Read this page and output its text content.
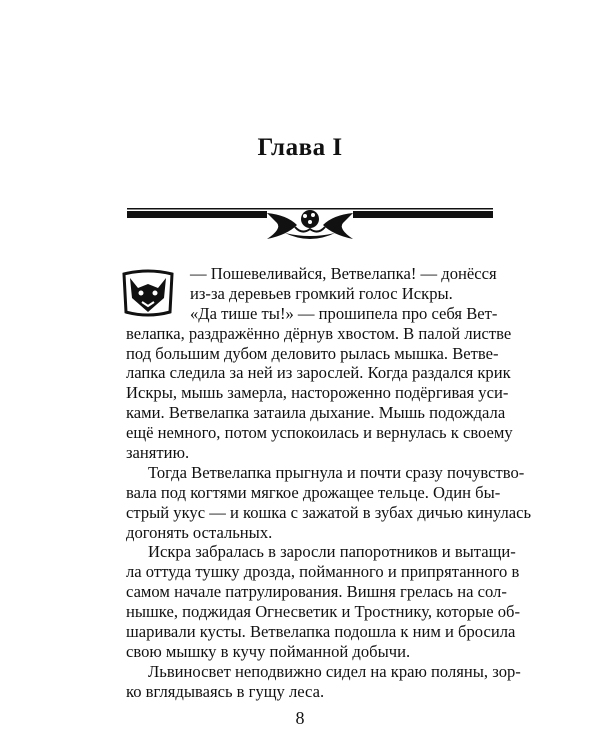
Глава I
— Пошевеливайся, Ветвелапка! — донёсся
из-за деревьев громкий голос Искры.
«Да тише ты!» — прошипела про себя Вет-
велапка, раздражённо дёрнув хвостом. В палой листве
под большим дубом деловито рылась мышка. Ветве-
лапка следила за ней из зарослей. Когда раздался крик
Искры, мышь замерла, настороженно подёргивая уси-
ками. Ветвелапка затаила дыхание. Мышь подождала
ещё немного, потом успокоилась и вернулась к своему
занятию.
Тогда Ветвелапка прыгнула и почти сразу почувство-
вала под когтями мягкое дрожащее тельце. Один бы-
стрый укус — и кошка с зажатой в зубах дичью кинулась
догонять остальных.
Искра забралась в заросли папоротников и вытащи-
ла оттуда тушку дрозда, пойманного и припрятанного в
самом начале патрулирования. Вишня грелась на сол-
нышке, поджидая Огнесветик и Тростнику, которые об-
шаривали кусты. Ветвелапка подошла к ним и бросила
свою мышку в кучу пойманной добычи.
Львиносвет неподвижно сидел на краю поляны, зор-
ко вглядываясь в гущу леса.
8
